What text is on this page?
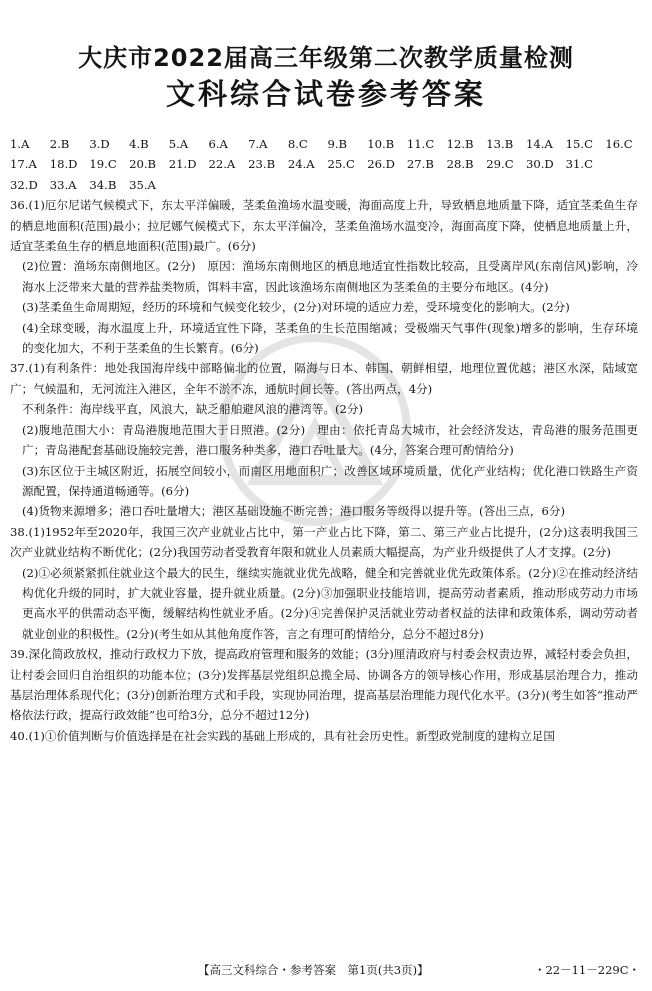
大庆市2022届高三年级第二次教学质量检测
文科综合试卷参考答案
1.A 2.B 3.D 4.B 5.A 6.A 7.A 8.C 9.B 10.B 11.C 12.B 13.B 14.A 15.C 16.C
17.A 18.D 19.C 20.B 21.D 22.A 23.B 24.A 25.C 26.D 27.B 28.B 29.C 30.D 31.C
32.D 33.A 34.B 35.A

36.(1)厄尔尼诺气候模式下，东太平洋偏暖，茎柔鱼渔场水温变暖，海面高度上升，导致栖息地质量下降，适宜茎柔鱼生存的栖息地面积(范围)最小；拉尼娜气候模式下，东太平洋偏冷，茎柔鱼渔场水温变冷，海面高度下降，使栖息地质量上升，适宜茎柔鱼生存的栖息地面积(范围)最广。(6分)

(2)位置：渔场东南侧地区。(2分)　原因：渔场东南侧地区的栖息地适宜性指数比较高，且受离岸风(东南信风)影响，冷海水上泛带来大量的营养盐类物质，饵料丰富，因此该渔场东南侧地区为茎柔鱼的主要分布地区。(4分)

(3)茎柔鱼生命周期短，经历的环境和气候变化较少，(2分)对环境的适应力差，受环境变化的影响大。(2分)

(4)全球变暖，海水温度上升，环境适宜性下降，茎柔鱼的生长范围缩减；受极端天气事件(现象)增多的影响，生存环境的变化加大，不利于茎柔鱼的生长繁育。(6分)

37.(1)有利条件：地处我国海岸线中部略偏北的位置，隔海与日本、韩国、朝鲜相望，地理位置优越；港区水深，陆域宽广；气候温和，无河流注入港区，全年不淤不冻，通航时间长等。(答出两点，4分)

不利条件：海岸线平直，风浪大，缺乏船舶避风浪的港湾等。(2分)

(2)腹地范围大小：青岛港腹地范围大于日照港。(2分)　理由：依托青岛大城市，社会经济发达，青岛港的服务范围更广；青岛港配套基础设施较完善，港口服务种类多，港口吞吐量大。(4分，答案合理可酌情给分)

(3)东区位于主城区附近，拓展空间较小，而南区用地面积广；改善区域环境质量，优化产业结构；优化港口铁路生产资源配置，保持通道畅通等。(6分)

(4)货物来源增多；港口吞吐量增大；港区基础设施不断完善；港口服务等级得以提升等。(答出三点，6分)

38.(1)1952年至2020年，我国三次产业就业占比中，第一产业占比下降，第二、第三产业占比提升，(2分)这表明我国三次产业就业结构不断优化；(2分)我国劳动者受教育年限和就业人员素质大幅提高，为产业升级提供了人才支撑。(2分)

(2)①必须紧紧抓住就业这个最大的民生，继续实施就业优先战略，健全和完善就业优先政策体系。(2分)②在推动经济结构优化升级的同时，扩大就业容量，提升就业质量。(2分)③加强职业技能培训，提高劳动者素质，推动形成劳动力市场更高水平的供需动态平衡，缓解结构性就业矛盾。(2分)④完善保护灵活就业劳动者权益的法律和政策体系，调动劳动者就业创业的积极性。(2分)(考生如从其他角度作答，言之有理可酌情给分，总分不超过8分)

39.深化简政放权，推动行政权力下放，提高政府管理和服务的效能；(3分)厘清政府与村委会权责边界，减轻村委会负担，让村委会回归自治组织的功能本位；(3分)发挥基层党组织总揽全局、协调各方的领导核心作用，形成基层治理合力，推动基层治理体系现代化；(3分)创新治理方式和手段，实现协同治理，提高基层治理能力现代化水平。(3分)(考生如答“推动严格依法行政，提高行政效能”也可给3分，总分不超过12分)

40.(1)①价值判断与价值选择是在社会实践的基础上形成的，具有社会历史性。新型政党制度的建构立足国

【高三文科综合・参考答案　第1页(共3页)】	・22－11－229C・
